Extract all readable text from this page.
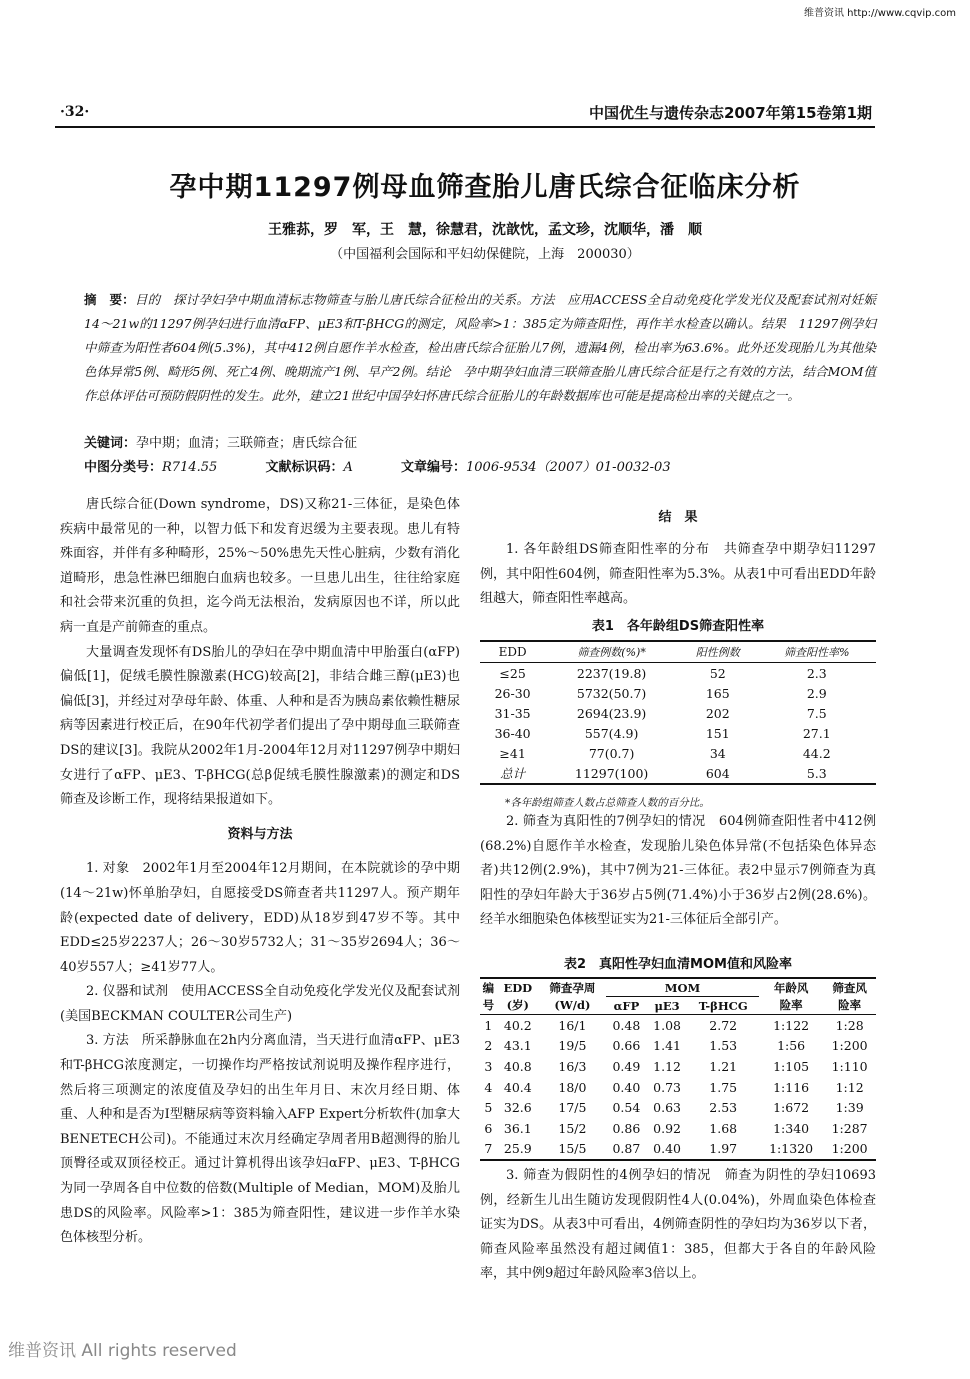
维普资讯 http://www.cqvip.com
·32·	中国优生与遗传杂志2007年第15卷第1期
孕中期11297例母血筛查胎儿唐氏综合征临床分析
王雅荪，罗　军，王　慧，徐慧君，沈歆忱，孟文珍，沈顺华，潘　顺
（中国福利会国际和平妇幼保健院，上海　200030）
摘　要：目的　探讨孕妇孕中期血清标志物筛查与胎儿唐氏综合征检出的关系。方法　应用ACCESS全自动免疫化学发光仪及配套试剂对妊娠14～21w的11297例孕妇进行血清αFP、μE3和T-βHCG的测定，风险率>1：385定为筛查阳性，再作羊水检查以确认。结果　11297例孕妇中筛查为阳性者604例(5.3%)，其中412例自愿作羊水检查，检出唐氏综合征胎儿7例，遗漏4例，检出率为63.6%。此外还发现胎儿为其他染色体异常5例、畸形5例、死亡4例、晚期流产1例、早产2例。结论　孕中期孕妇血清三联筛查胎儿唐氏综合征是行之有效的方法，结合MOM值作总体评估可预防假阴性的发生。此外，建立21世纪中国孕妇怀唐氏综合征胎儿的年龄数据库也可能是提高检出率的关键点之一。
关键词：孕中期；血清；三联筛查；唐氏综合征
中图分类号：R714.55	文献标识码：A	文章编号：1006-9534（2007）01-0032-03

唐氏综合征(Down syndrome，DS)又称21-三体征，是染色体疾病中最常见的一种，以智力低下和发育迟缓为主要表现。患儿有特殊面容，并伴有多种畸形，25%～50%患先天性心脏病，少数有消化道畸形，患急性淋巴细胞白血病也较多。一旦患儿出生，往往给家庭和社会带来沉重的负担，迄今尚无法根治，发病原因也不详，所以此病一直是产前筛查的重点。

大量调查发现怀有DS胎儿的孕妇在孕中期血清中甲胎蛋白(αFP)偏低[1]，促绒毛膜性腺激素(HCG)较高[2]，非结合雌三醇(μE3)也偏低[3]，并经过对孕母年龄、体重、人种和是否为胰岛素依赖性糖尿病等因素进行校正后，在90年代初学者们提出了孕中期母血三联筛查DS的建议[3]。我院从2002年1月-2004年12月对11297例孕中期妇女进行了αFP、μE3、T-βHCG(总β促绒毛膜性腺激素)的测定和DS筛查及诊断工作，现将结果报道如下。

资料与方法

1. 对象　2002年1月至2004年12月期间，在本院就诊的孕中期(14～21w)怀单胎孕妇，自愿接受DS筛查者共11297人。预产期年龄(expected date of delivery，EDD)从18岁到47岁不等。其中EDD≤25岁2237人；26～30岁5732人；31～35岁2694人；36～40岁557人；≥41岁77人。

2. 仪器和试剂　使用ACCESS全自动免疫化学发光仪及配套试剂(美国BECKMAN COULTER公司生产)

3. 方法　所采静脉血在2h内分离血清，当天进行血清αFP、μE3和T-βHCG浓度测定，一切操作均严格按试剂说明及操作程序进行，然后将三项测定的浓度值及孕妇的出生年月日、末次月经日期、体重、人种和是否为I型糖尿病等资料输入AFP Expert分析软件(加拿大BENETECH公司)。不能通过末次月经确定孕周者用B超测得的胎儿顶臀径或双顶径校正。通过计算机得出该孕妇αFP、μE3、T-βHCG为同一孕周各自中位数的倍数(Multiple of Median，MOM)及胎儿患DS的风险率。风险率>1：385为筛查阳性，建议进一步作羊水染色体核型分析。

结　果

1. 各年龄组DS筛查阳性率的分布　共筛查孕中期孕妇11297例，其中阳性604例，筛查阳性率为5.3%。从表1中可看出EDD年龄组越大，筛查阳性率越高。

表1　各年龄组DS筛查阳性率
EDD	筛查例数(%)*	阳性例数	筛查阳性率%
≤25	2237(19.8)	52	2.3
26-30	5732(50.7)	165	2.9
31-35	2694(23.9)	202	7.5
36-40	557(4.9)	151	27.1
≥41	77(0.7)	34	44.2
总计	11297(100)	604	5.3
*各年龄组筛查人数占总筛查人数的百分比。

2. 筛查为真阳性的7例孕妇的情况　604例筛查阳性者中412例(68.2%)自愿作羊水检查，发现胎儿染色体异常(不包括染色体异态者)共12例(2.9%)，其中7例为21-三体征。表2中显示7例筛查为真阳性的孕妇年龄大于36岁占5例(71.4%)小于36岁占2例(28.6%)。经羊水细胞染色体核型证实为21-三体征后全部引产。

表2　真阳性孕妇血清MOM值和风险率
编	EDD	筛查孕周	MOM			年龄风	筛查风
号	(岁)	(W/d)	αFP	μE3	T-βHCG	险率	险率
1	40.2	16/1	0.48	1.08	2.72	1:122	1:28
2	43.1	19/5	0.66	1.41	1.53	1:56	1:200
3	40.8	16/3	0.49	1.12	1.21	1:105	1:110
4	40.4	18/0	0.40	0.73	1.75	1:116	1:12
5	32.6	17/5	0.54	0.63	2.53	1:672	1:39
6	36.1	15/2	0.86	0.92	1.68	1:340	1:287
7	25.9	15/5	0.87	0.40	1.97	1:1320	1:200

3. 筛查为假阴性的4例孕妇的情况　筛查为阴性的孕妇10693例，经新生儿出生随访发现假阴性4人(0.04%)，外周血染色体检查证实为DS。从表3中可看出，4例筛查阴性的孕妇均为36岁以下者，筛查风险率虽然没有超过阈值1：385，但都大于各自的年龄风险率，其中例9超过年龄风险率3倍以上。

维普资讯 All rights reserved
